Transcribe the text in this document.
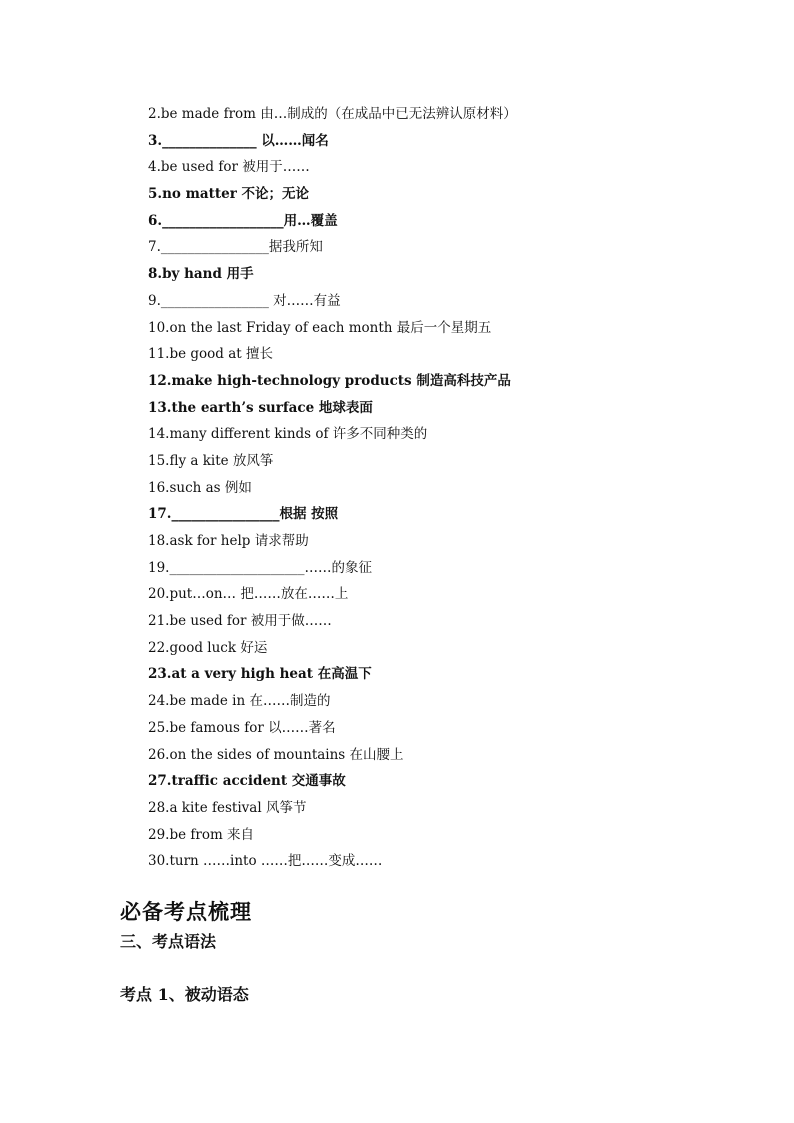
2.be made from 由…制成的（在成品中已无法辨认原材料）
3.______________ 以……闻名
4.be used for 被用于……
5.no matter 不论；无论
6.__________________用…覆盖
7.________________据我所知
8.by hand 用手
9.________________ 对……有益
10.on the last Friday of each month 最后一个星期五
11.be good at 擅长
12.make high-technology products 制造高科技产品
13.the earth’s surface 地球表面
14.many different kinds of 许多不同种类的
15.fly a kite 放风筝
16.such as 例如
17.________________根据 按照
18.ask for help 请求帮助
19.____________________……的象征
20.put…on… 把……放在……上
21.be used for 被用于做……
22.good luck 好运
23.at a very high heat 在高温下
24.be made in 在……制造的
25.be famous for 以……著名
26.on the sides of mountains 在山腰上
27.traffic accident 交通事故
28.a kite festival 风筝节
29.be from 来自
30.turn ……into ……把……变成……
必备考点梳理
三、考点语法
考点 1、被动语态
